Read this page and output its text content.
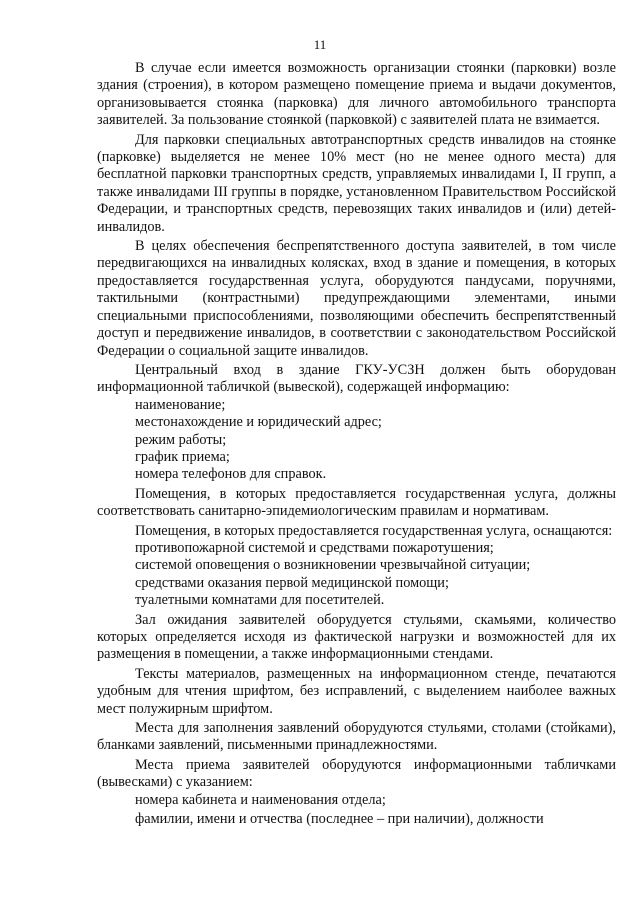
11
В случае если имеется возможность организации стоянки (парковки) возле здания (строения), в котором размещено помещение приема и выдачи документов, организовывается стоянка (парковка) для личного автомобильного транспорта заявителей. За пользование стоянкой (парковкой) с заявителей плата не взимается.
Для парковки специальных автотранспортных средств инвалидов на стоянке (парковке) выделяется не менее 10% мест (но не менее одного места) для бесплатной парковки транспортных средств, управляемых инвалидами I, II групп, а также инвалидами III группы в порядке, установленном Правительством Российской Федерации, и транспортных средств, перевозящих таких инвалидов и (или) детей-инвалидов.
В целях обеспечения беспрепятственного доступа заявителей, в том числе передвигающихся на инвалидных колясках, вход в здание и помещения, в которых предоставляется государственная услуга, оборудуются пандусами, поручнями, тактильными (контрастными) предупреждающими элементами, иными специальными приспособлениями, позволяющими обеспечить беспрепятственный доступ и передвижение инвалидов, в соответствии с законодательством Российской Федерации о социальной защите инвалидов.
Центральный вход в здание ГКУ-УСЗН должен быть оборудован информационной табличкой (вывеской), содержащей информацию:
наименование;
местонахождение и юридический адрес;
режим работы;
график приема;
номера телефонов для справок.
Помещения, в которых предоставляется государственная услуга, должны соответствовать санитарно-эпидемиологическим правилам и нормативам.
Помещения, в которых предоставляется государственная услуга, оснащаются:
противопожарной системой и средствами пожаротушения;
системой оповещения о возникновении чрезвычайной ситуации;
средствами оказания первой медицинской помощи;
туалетными комнатами для посетителей.
Зал ожидания заявителей оборудуется стульями, скамьями, количество которых определяется исходя из фактической нагрузки и возможностей для их размещения в помещении, а также информационными стендами.
Тексты материалов, размещенных на информационном стенде, печатаются удобным для чтения шрифтом, без исправлений, с выделением наиболее важных мест полужирным шрифтом.
Места для заполнения заявлений оборудуются стульями, столами (стойками), бланками заявлений, письменными принадлежностями.
Места приема заявителей оборудуются информационными табличками (вывесками) с указанием:
номера кабинета и наименования отдела;
фамилии, имени и отчества (последнее – при наличии), должности
